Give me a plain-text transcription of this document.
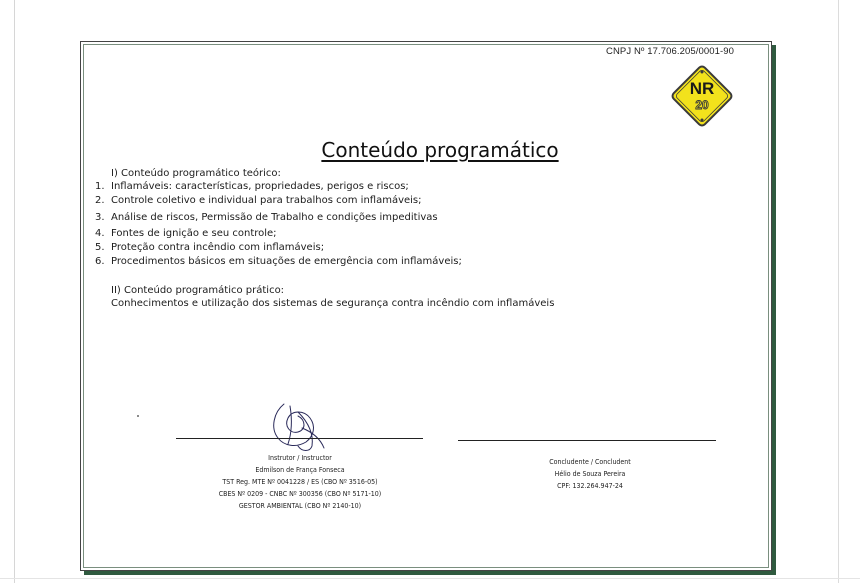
CNPJ Nº 17.706.205/0001-90
NR
20
Conteúdo programático
I) Conteúdo programático teórico:
1. Inflamáveis: características, propriedades, perigos e riscos;
2. Controle coletivo e individual para trabalhos com inflamáveis;
3. Análise de riscos, Permissão de Trabalho e condições impeditivas
4. Fontes de ignição e seu controle;
5. Proteção contra incêndio com inflamáveis;
6. Procedimentos básicos em situações de emergência com inflamáveis;
II) Conteúdo programático prático:
Conhecimentos e utilização dos sistemas de segurança contra incêndio com inflamáveis
Instrutor / Instructor
Edmilson de França Fonseca
TST Reg. MTE Nº 0041228 / ES (CBO Nº 3516-05)
CBES Nº 0209 - CNBC Nº 300356 (CBO Nº 5171-10)
GESTOR AMBIENTAL (CBO Nº 2140-10)
Concludente / Concludent
Hélio de Souza Pereira
CPF: 132.264.947-24
